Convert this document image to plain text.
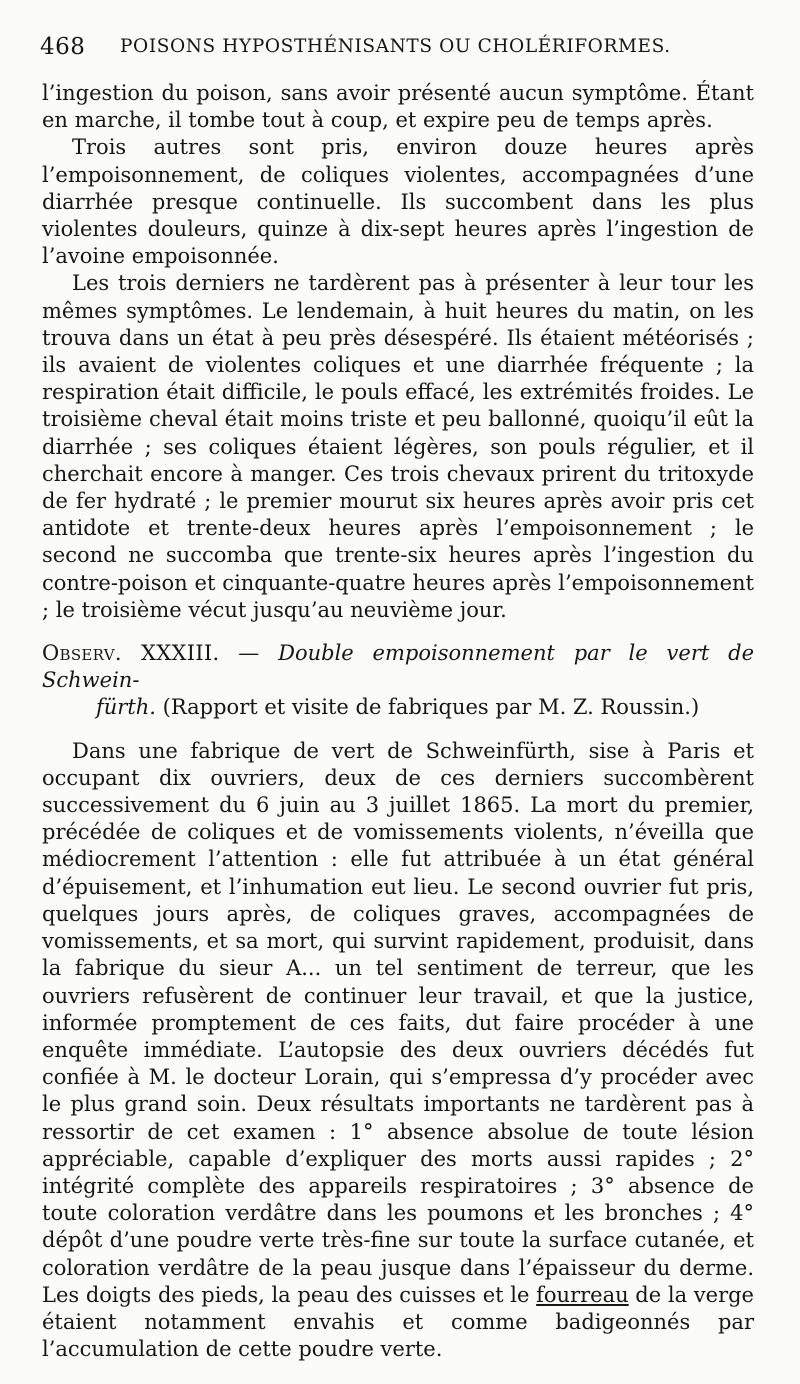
468 POISONS HYPOSTHÉNISANTS OU CHOLÉRIFORMES.

l’ingestion du poison, sans avoir présenté aucun symptôme. Étant en marche, il tombe tout à coup, et expire peu de temps après.

Trois autres sont pris, environ douze heures après l’empoisonnement, de coliques violentes, accompagnées d’une diarrhée presque continuelle. Ils succombent dans les plus violentes douleurs, quinze à dix-sept heures après l’ingestion de l’avoine empoisonnée.

Les trois derniers ne tardèrent pas à présenter à leur tour les mêmes symptômes. Le lendemain, à huit heures du matin, on les trouva dans un état à peu près désespéré. Ils étaient météorisés ; ils avaient de violentes coliques et une diarrhée fréquente ; la respiration était difficile, le pouls effacé, les extrémités froides. Le troisième cheval était moins triste et peu ballonné, quoiqu’il eût la diarrhée ; ses coliques étaient légères, son pouls régulier, et il cherchait encore à manger. Ces trois chevaux prirent du tritoxyde de fer hydraté ; le premier mourut six heures après avoir pris cet antidote et trente-deux heures après l’empoisonnement ; le second ne succomba que trente-six heures après l’ingestion du contre-poison et cinquante-quatre heures après l’empoisonnement ; le troisième vécut jusqu’au neuvième jour.

Observ. XXXIII. — Double empoisonnement par le vert de Schwein-
fürth. (Rapport et visite de fabriques par M. Z. Roussin.)

Dans une fabrique de vert de Schweinfürth, sise à Paris et occupant dix ouvriers, deux de ces derniers succombèrent successivement du 6 juin au 3 juillet 1865. La mort du premier, précédée de coliques et de vomissements violents, n’éveilla que médiocrement l’attention : elle fut attribuée à un état général d’épuisement, et l’inhumation eut lieu. Le second ouvrier fut pris, quelques jours après, de coliques graves, accompagnées de vomissements, et sa mort, qui survint rapidement, produisit, dans la fabrique du sieur A... un tel sentiment de terreur, que les ouvriers refusèrent de continuer leur travail, et que la justice, informée promptement de ces faits, dut faire procéder à une enquête immédiate. L’autopsie des deux ouvriers décédés fut confiée à M. le docteur Lorain, qui s’empressa d’y procéder avec le plus grand soin. Deux résultats importants ne tardèrent pas à ressortir de cet examen : 1° absence absolue de toute lésion appréciable, capable d’expliquer des morts aussi rapides ; 2° intégrité complète des appareils respiratoires ; 3° absence de toute coloration verdâtre dans les poumons et les bronches ; 4° dépôt d’une poudre verte très-fine sur toute la surface cutanée, et coloration verdâtre de la peau jusque dans l’épaisseur du derme. Les doigts des pieds, la peau des cuisses et le fourreau de la verge étaient notamment envahis et comme badigeonnés par l’accumulation de cette poudre verte.
